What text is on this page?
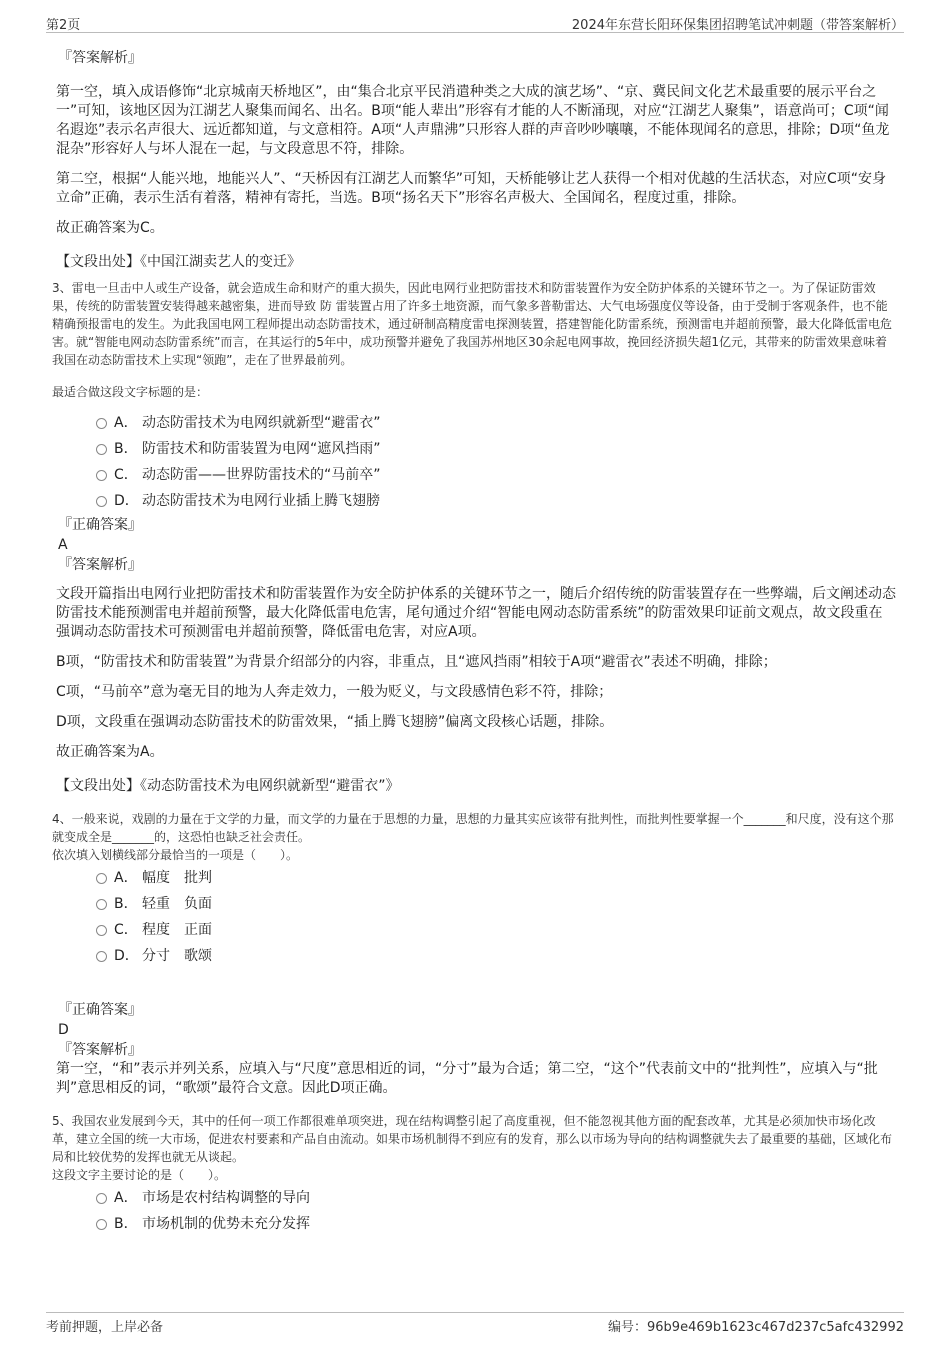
第2页	2024年东营长阳环保集团招聘笔试冲刺题（带答案解析）

『答案解析』

第一空，填入成语修饰“北京城南天桥地区”，由“集合北京平民消遣种类之大成的演艺场”、“京、冀民间文化艺术最重要的展示平台之一”可知，该地区因为江湖艺人聚集而闻名、出名。B项“能人辈出”形容有才能的人不断涌现，对应“江湖艺人聚集”，语意尚可；C项“闻名遐迩”表示名声很大、远近都知道，与文意相符。A项“人声鼎沸”只形容人群的声音吵吵嚷嚷，不能体现闻名的意思，排除；D项“鱼龙混杂”形容好人与坏人混在一起，与文段意思不符，排除。

第二空，根据“人能兴地，地能兴人”、“天桥因有江湖艺人而繁华”可知，天桥能够让艺人获得一个相对优越的生活状态，对应C项“安身立命”正确，表示生活有着落，精神有寄托，当选。B项“扬名天下”形容名声极大、全国闻名，程度过重，排除。

故正确答案为C。

【文段出处】《中国江湖卖艺人的变迁》

3、雷电一旦击中人或生产设备，就会造成生命和财产的重大损失，因此电网行业把防雷技术和防雷装置作为安全防护体系的关键环节之一。为了保证防雷效果，传统的防雷装置安装得越来越密集，进而导致 防 雷装置占用了许多土地资源，而气象多普勒雷达、大气电场强度仪等设备，由于受制于客观条件，也不能精确预报雷电的发生。为此我国电网工程师提出动态防雷技术，通过研制高精度雷电探测装置，搭建智能化防雷系统，预测雷电并超前预警，最大化降低雷电危害。就“智能电网动态防雷系统”而言，在其运行的5年中，成功预警并避免了我国苏州地区30余起电网事故，挽回经济损失超1亿元，其带来的防雷效果意味着我国在动态防雷技术上实现“领跑”，走在了世界最前列。

最适合做这段文字标题的是：

A． 动态防雷技术为电网织就新型“避雷衣”
B． 防雷技术和防雷装置为电网“遮风挡雨”
C． 动态防雷——世界防雷技术的“马前卒”
D． 动态防雷技术为电网行业插上腾飞翅膀

『正确答案』

A

『答案解析』

文段开篇指出电网行业把防雷技术和防雷装置作为安全防护体系的关键环节之一，随后介绍传统的防雷装置存在一些弊端，后文阐述动态防雷技术能预测雷电并超前预警，最大化降低雷电危害，尾句通过介绍“智能电网动态防雷系统”的防雷效果印证前文观点，故文段重在强调动态防雷技术可预测雷电并超前预警，降低雷电危害，对应A项。

B项，“防雷技术和防雷装置”为背景介绍部分的内容，非重点，且“遮风挡雨”相较于A项“避雷衣”表述不明确，排除；

C项，“马前卒”意为毫无目的地为人奔走效力，一般为贬义，与文段感情色彩不符，排除；

D项，文段重在强调动态防雷技术的防雷效果，“插上腾飞翅膀”偏离文段核心话题，排除。

故正确答案为A。

【文段出处】《动态防雷技术为电网织就新型“避雷衣”》

4、一般来说，戏剧的力量在于文学的力量，而文学的力量在于思想的力量，思想的力量其实应该带有批判性，而批判性要掌握一个_______和尺度，没有这个那就变成全是_______的，这恐怕也缺乏社会责任。

依次填入划横线部分最恰当的一项是（　　）。

A． 幅度　批判
B． 轻重　负面
C． 程度　正面
D． 分寸　歌颂

『正确答案』

D

『答案解析』

第一空，“和”表示并列关系，应填入与“尺度”意思相近的词，“分寸”最为合适；第二空，“这个”代表前文中的“批判性”，应填入与“批判”意思相反的词，“歌颂”最符合文意。因此D项正确。

5、我国农业发展到今天，其中的任何一项工作都很难单项突进，现在结构调整引起了高度重视，但不能忽视其他方面的配套改革，尤其是必须加快市场化改革，建立全国的统一大市场，促进农村要素和产品自由流动。如果市场机制得不到应有的发育，那么以市场为导向的结构调整就失去了最重要的基础，区域化布局和比较优势的发挥也就无从谈起。

这段文字主要讨论的是（　　）。

A． 市场是农村结构调整的导向
B． 市场机制的优势未充分发挥
考前押题，上岸必备	编号：96b9e469b1623c467d237c5afc432992
